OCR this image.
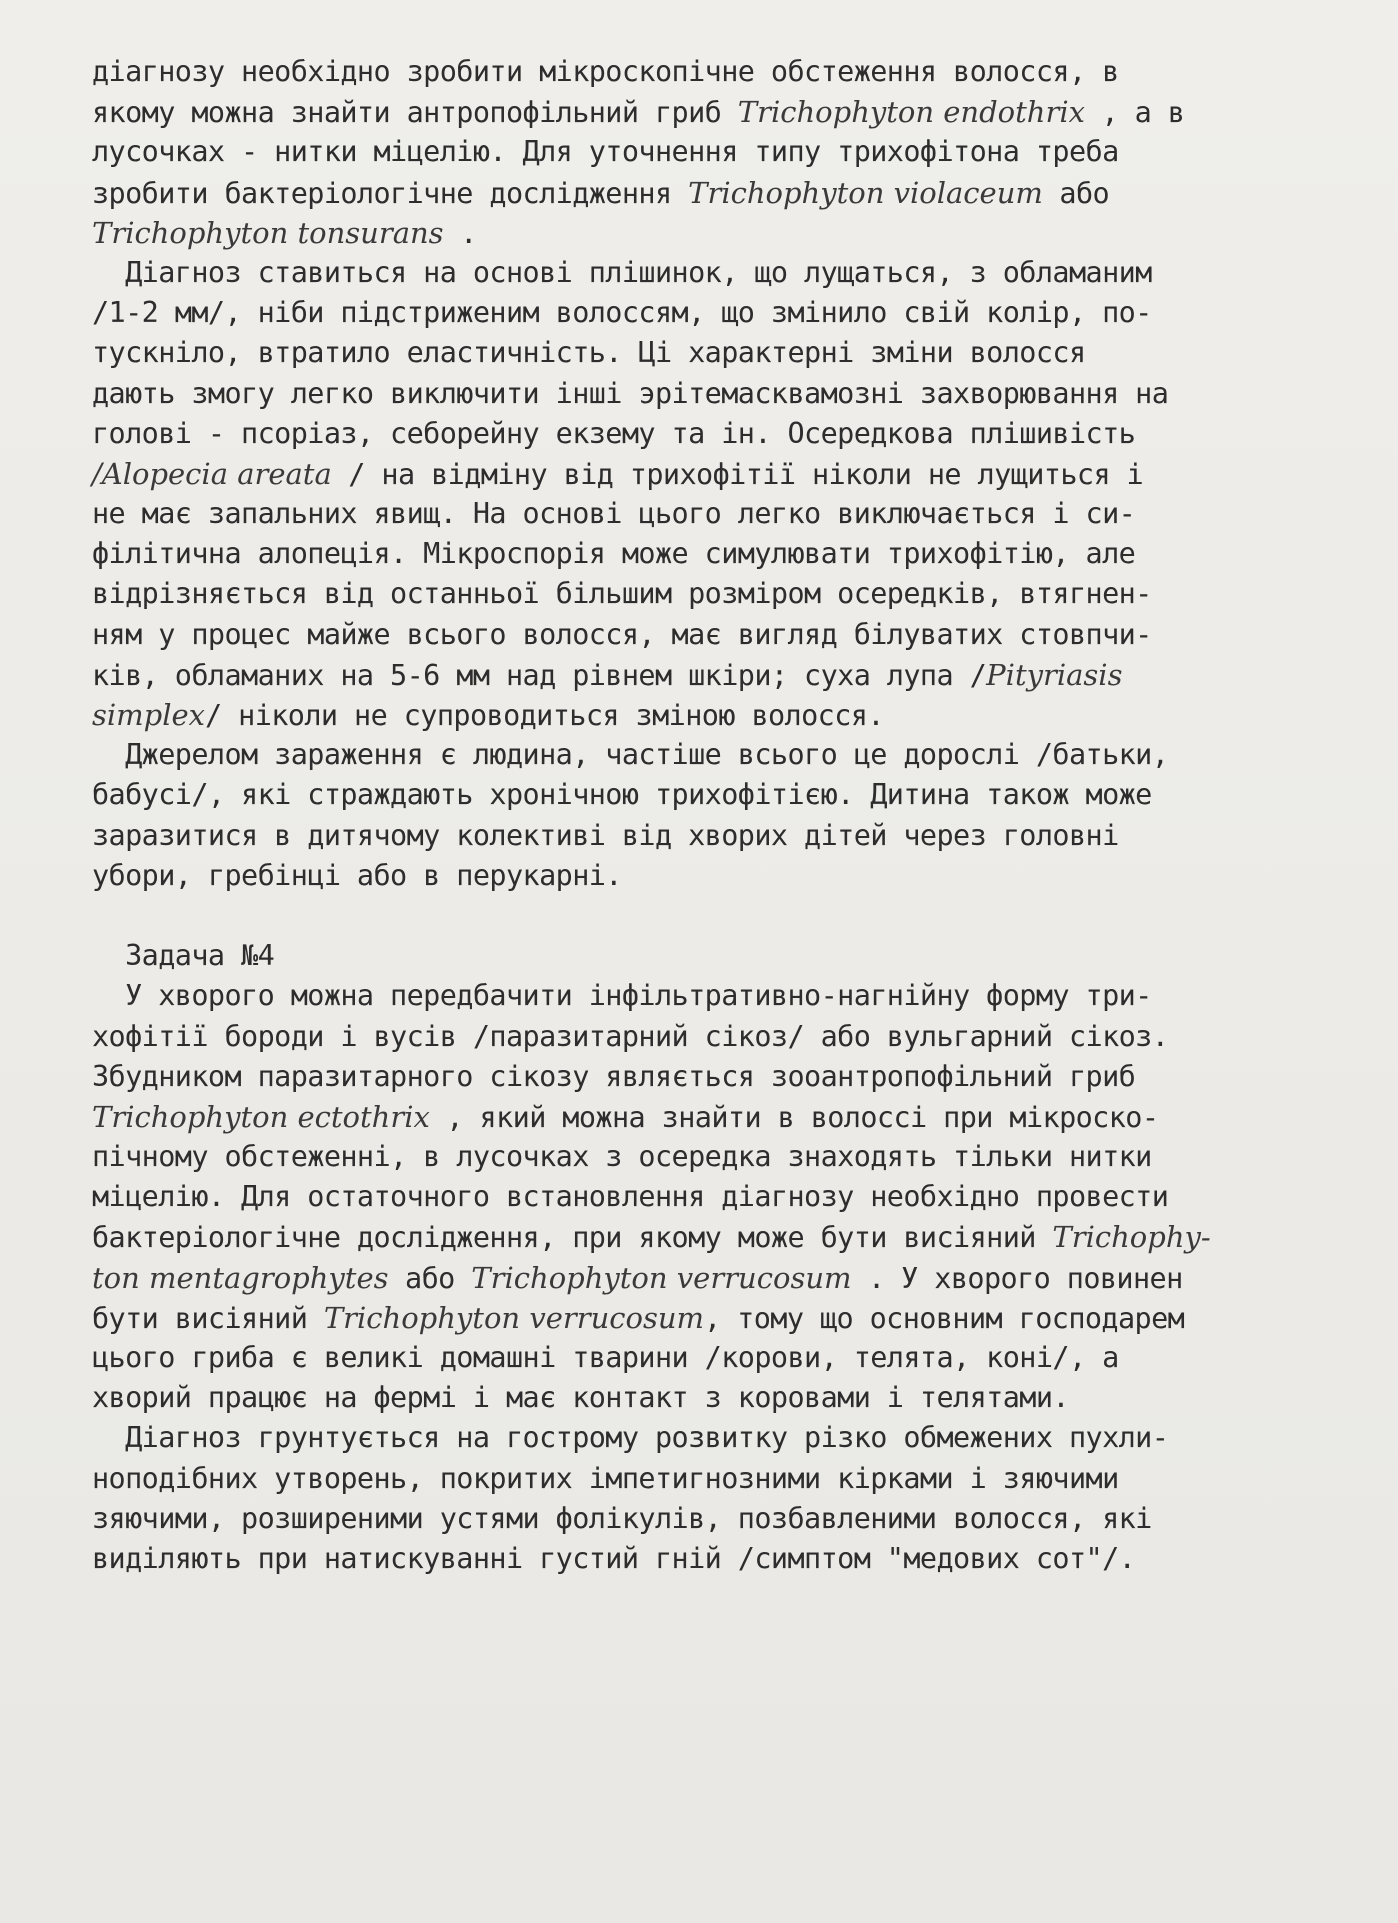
діагнозу необхідно зробити мікроскопічне обстеження волосся, в
якому можна знайти антропофільний гриб Trichophyton endothrix , а в
лусочках - нитки міцелію. Для уточнення типу трихофітона треба
зробити бактеріологічне дослідження Trichophyton violaceum або
Trichophyton tonsurans .
Діагноз ставиться на основі плішинок, що лущаться, з обламаним
/1-2 мм/, ніби підстриженим волоссям, що змінило свій колір, по-
тускніло, втратило еластичність. Ці характерні зміни волосся
дають змогу легко виключити інші эрітемасквамозні захворювання на
голові - псоріаз, себорейну екзему та ін. Осередкова плішивість
/Alopecia areata / на відміну від трихофітії ніколи не лущиться і
не має запальних явищ. На основі цього легко виключається і си-
філітична алопеція. Мікроспорія може симулювати трихофітію, але
відрізняється від останньої більшим розміром осередків, втягнен-
ням у процес майже всього волосся, має вигляд білуватих стовпчи-
ків, обламаних на 5-6 мм над рівнем шкіри; суха лупа /Pityriasis
simplex/ ніколи не супроводиться зміною волосся.
Джерелом зараження є людина, частіше всього це дорослі /батьки,
бабусі/, які страждають хронічною трихофітією. Дитина також може
заразитися в дитячому колективі від хворих дітей через головні
убори, гребінці або в перукарні.
Задача №4
У хворого можна передбачити інфільтративно-нагнійну форму три-
хофітії бороди і вусів /паразитарний сікоз/ або вульгарний сікоз.
Збудником паразитарного сікозу являється зооантропофільний гриб
Trichophyton ectothrix , який можна знайти в волоссі при мікроско-
пічному обстеженні, в лусочках з осередка знаходять тільки нитки
міцелію. Для остаточного встановлення діагнозу необхідно провести
бактеріологічне дослідження, при якому може бути висіяний Trichophy-
ton mentagrophytes або Trichophyton verrucosum . У хворого повинен
бути висіяний Trichophyton verrucosum, тому що основним господарем
цього гриба є великі домашні тварини /корови, телята, коні/, а
хворий працює на фермі і має контакт з коровами і телятами.
Діагноз грунтується на гострому розвитку різко обмежених пухли-
ноподібних утворень, покритих імпетигнозними кірками і зяючими
зяючими, розширеними устями фолікулів, позбавленими волосся, які
виділяють при натискуванні густий гній /симптом "медових сот"/.
